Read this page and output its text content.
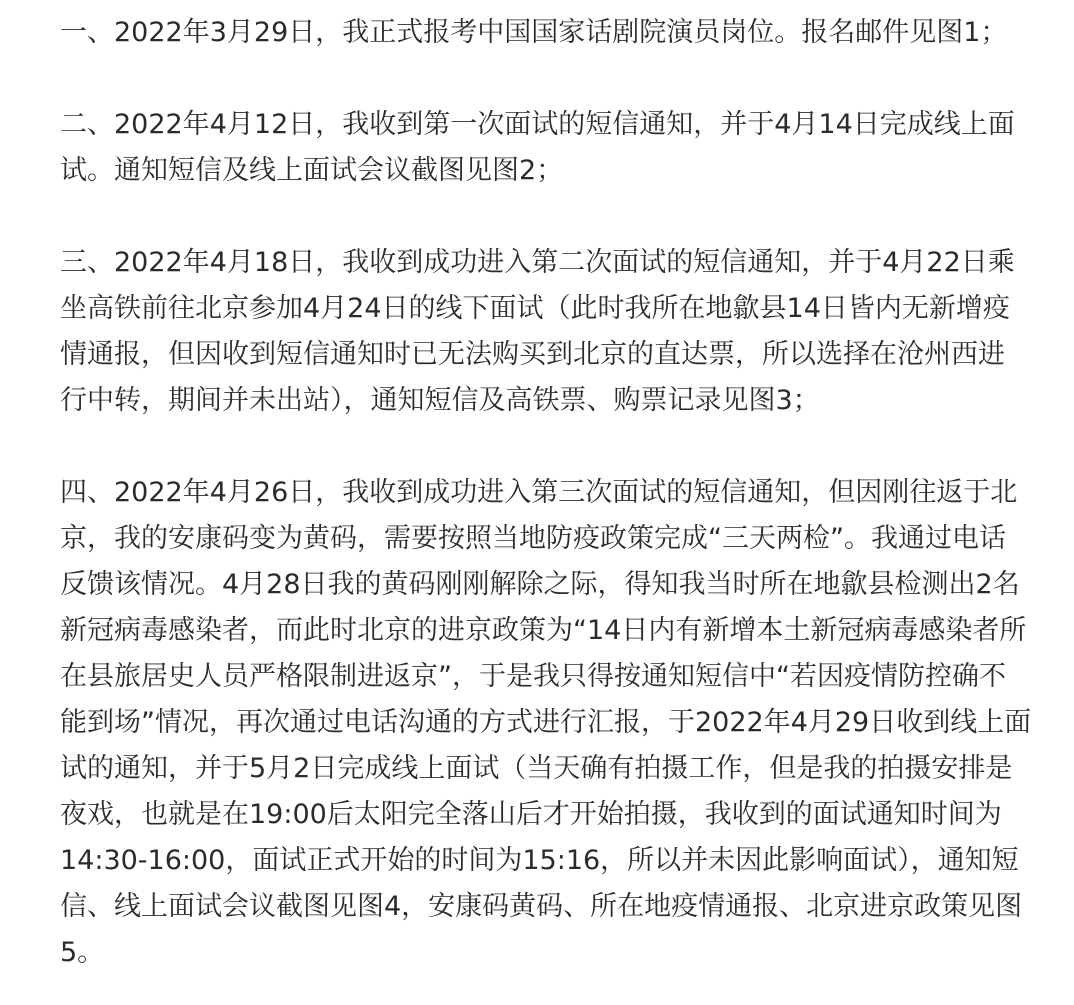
一、2022年3月29日，我正式报考中国国家话剧院演员岗位。报名邮件见图1；
二、2022年4月12日，我收到第一次面试的短信通知，并于4月14日完成线上面
试。通知短信及线上面试会议截图见图2；
三、2022年4月18日，我收到成功进入第二次面试的短信通知，并于4月22日乘
坐高铁前往北京参加4月24日的线下面试（此时我所在地歙县14日皆内无新增疫
情通报，但因收到短信通知时已无法购买到北京的直达票，所以选择在沧州西进
行中转，期间并未出站），通知短信及高铁票、购票记录见图3；
四、2022年4月26日，我收到成功进入第三次面试的短信通知，但因刚往返于北
京，我的安康码变为黄码，需要按照当地防疫政策完成“三天两检”。我通过电话
反馈该情况。4月28日我的黄码刚刚解除之际，得知我当时所在地歙县检测出2名
新冠病毒感染者，而此时北京的进京政策为“14日内有新增本土新冠病毒感染者所
在县旅居史人员严格限制进返京”，于是我只得按通知短信中“若因疫情防控确不
能到场”情况，再次通过电话沟通的方式进行汇报，于2022年4月29日收到线上面
试的通知，并于5月2日完成线上面试（当天确有拍摄工作，但是我的拍摄安排是
夜戏，也就是在19:00后太阳完全落山后才开始拍摄，我收到的面试通知时间为
14:30-16:00，面试正式开始的时间为15:16，所以并未因此影响面试），通知短
信、线上面试会议截图见图4，安康码黄码、所在地疫情通报、北京进京政策见图
5。
